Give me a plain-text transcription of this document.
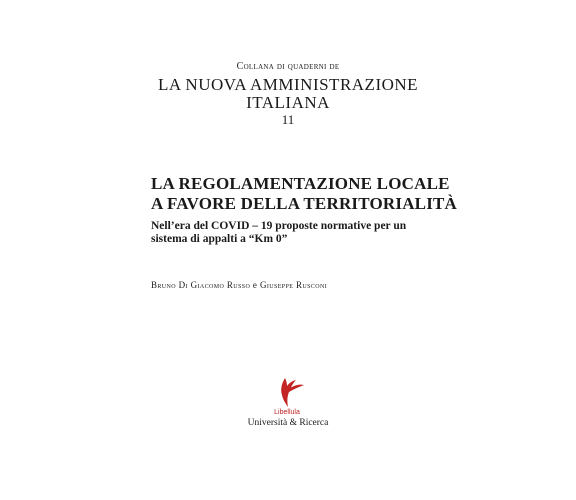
Collana di quaderni de
LA NUOVA AMMINISTRAZIONE
ITALIANA
11
LA REGOLAMENTAZIONE LOCALE
A FAVORE DELLA TERRITORIALITÀ
Nell’era del COVID – 19 proposte normative per un sistema di appalti a “Km 0”
Bruno Di Giacomo Russo e Giuseppe Rusconi
Libellula
Università & Ricerca
